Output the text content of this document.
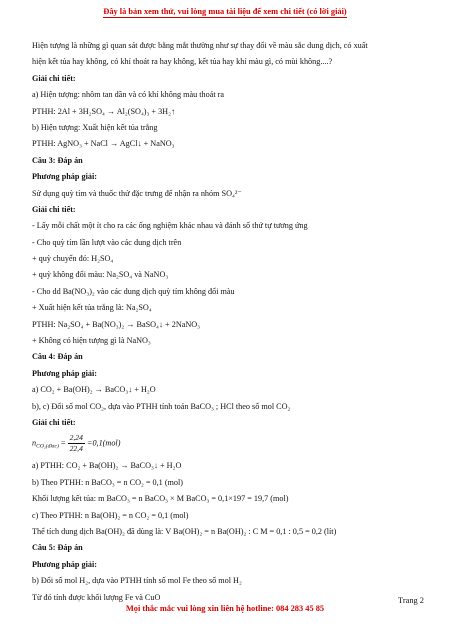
Đây là bản xem thử, vui lòng mua tài liệu để xem chi tiết (có lời giải)
Hiện tượng là những gì quan sát được bằng mắt thường như sự thay đổi về màu sắc dung dịch, có xuất
hiện kết tủa hay không, có khí thoát ra hay không, kết tủa hay khí màu gì, có mùi không....?
Giải chi tiết:
a) Hiện tượng: nhôm tan dần và có khí không màu thoát ra
PTHH: 2Al + 3H₂SO₄ → Al₂(SO₄)₃ + 3H₂↑
b) Hiện tượng: Xuất hiện kết tủa trắng
PTHH: AgNO₃ + NaCl → AgCl↓ + NaNO₃
Câu 3: Đáp án
Phương pháp giải:
Sử dụng quỳ tím và thuốc thử đặc trưng để nhận ra nhóm SO₄²⁻
Giải chi tiết:
- Lấy mỗi chất một ít cho ra các ống nghiệm khác nhau và đánh số thứ tự tương ứng
- Cho quỳ tím lần lượt vào các dung dịch trên
+ quỳ chuyển đỏ: H₂SO₄
+ quỳ không đổi màu: Na₂SO₄ và NaNO₃
- Cho dd Ba(NO₃)₂ vào các dung dịch quỳ tím không đổi màu
+ Xuất hiện kết tủa trắng là: Na₂SO₄
PTHH: Na₂SO₄ + Ba(NO₃)₂ → BaSO₄↓ + 2NaNO₃
+ Không có hiện tượng gì là NaNO₃
Câu 4: Đáp án
Phương pháp giải:
a) CO₂ + Ba(OH)₂ → BaCO₃↓ + H₂O
b), c) Đổi số mol CO₂, dựa vào PTHH tính toán BaCO₃ ; HCl theo số mol CO₂
Giải chi tiết:
$n_{CO_2(đktc)} = \frac{2,24}{22,4} =0,1(mol)$
a) PTHH: CO₂ + Ba(OH)₂ → BaCO₃↓ + H₂O
b) Theo PTHH: n BaCO₃ = n CO₂ = 0,1 (mol)
Khối lượng kết tủa: m BaCO₃ = n BaCO₃ × M BaCO₃ = 0,1×197 = 19,7 (mol)
c) Theo PTHH: n Ba(OH)₂ = n CO₂ = 0,1 (mol)
Thể tích dung dịch Ba(OH)₂ đã dùng là: V Ba(OH)₂ = n Ba(OH)₂ : C M = 0,1 : 0,5 = 0,2 (lít)
Câu 5: Đáp án
Phương pháp giải:
b) Đổi số mol H₂, dựa vào PTHH tính số mol Fe theo số mol H₂
Từ đó tính được khối lượng Fe và CuO	Trang 2
Mọi thắc mắc vui lòng xin liên hệ hotline: 084 283 45 85
